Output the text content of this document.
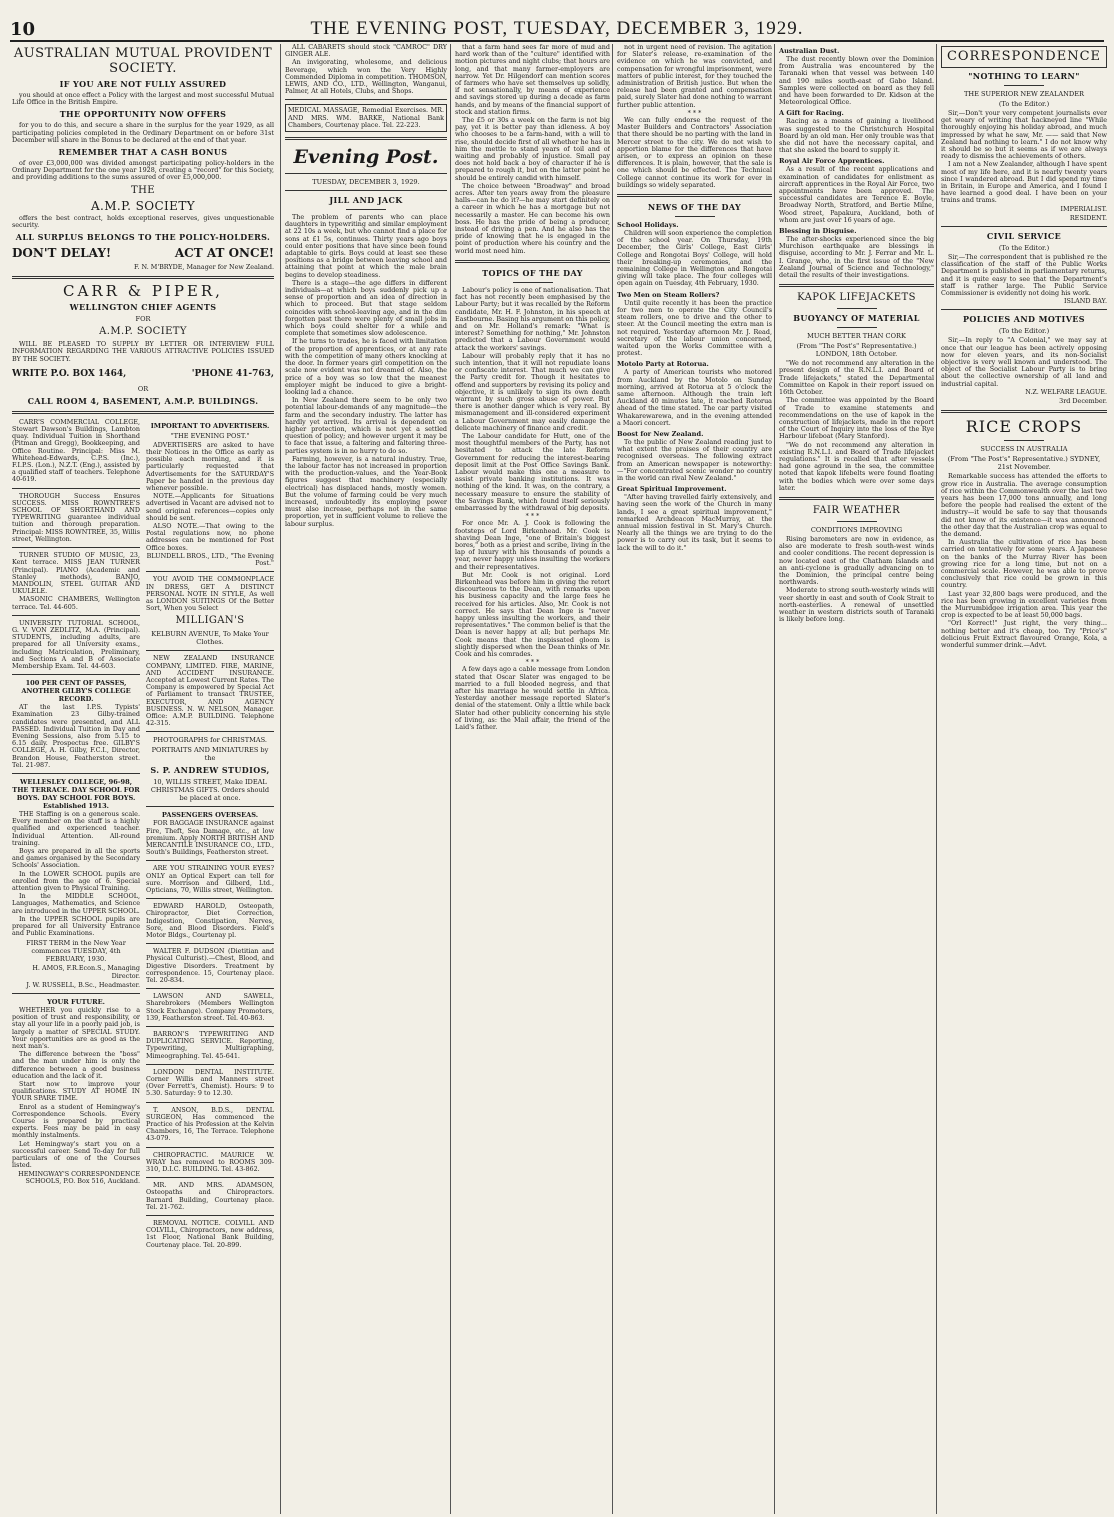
10	THE EVENING POST, TUESDAY, DECEMBER 3, 1929.
AUSTRALIAN MUTUAL PROVIDENT SOCIETY.
IF YOU ARE NOT FULLY ASSURED

you should at once effect a Policy with the largest and most successful Mutual Life Office in the British Empire.

THE OPPORTUNITY NOW OFFERS

for you to do this, and secure a share in the surplus for the year 1929, as all participating policies completed in the Ordinary Department on or before 31st December will share in the Bonus to be declared at the end of that year.

REMEMBER THAT A CASH BONUS

of over £3,000,000 was divided amongst participating policy-holders in the Ordinary Department for the one year 1928, creating a "record" for this Society, and providing additions to the sums assured of over £5,000,000.

THE
A.M.P. SOCIETY

offers the best contract, holds exceptional reserves, gives unquestionable security.

ALL SURPLUS BELONGS TO THE POLICY-HOLDERS.
DON'T DELAY!	ACT AT ONCE!
F. N. M'BRYDE, Manager for New Zealand.
CARR & PIPER,
WELLINGTON CHIEF AGENTS
FOR
A.M.P. SOCIETY

WILL BE PLEASED TO SUPPLY BY LETTER OR INTERVIEW FULL INFORMATION REGARDING THE VARIOUS ATTRACTIVE POLICIES ISSUED BY THE SOCIETY.

WRITE P.O. BOX 1464,	'PHONE 41-763,
OR
CALL ROOM 4, BASEMENT, A.M.P. BUILDINGS.

CARR'S COMMERCIAL COLLEGE, Stewart Dawson's Buildings, Lambton quay. Individual Tuition in Shorthand (Pitman and Gregg), Bookkeeping, and Office Routine. Principal: Miss M. Whitehead-Edwards, C.P.S. (Inc.), F.I.P.S. (Lon.), N.Z.T. (Eng.), assisted by a qualified staff of teachers. Telephone 40-619.

THOROUGH Success Ensures SUCCESS. MISS ROWNTREE'S SCHOOL OF SHORTHAND AND TYPEWRITING guarantee individual tuition and thorough preparation. Principal: MISS ROWNTREE, 35, Willis street, Wellington.

TURNER STUDIO OF MUSIC, 23, Kent terrace. MISS JEAN TURNER (Principal). PIANO (Academic and Stanley methods), BANJO, MANDOLIN, STEEL GUITAR AND UKULELE.

MASONIC CHAMBERS, Wellington terrace. Tel. 44-605.

UNIVERSITY TUTORIAL SCHOOL, G. V. VON ZEDLITZ, M.A. (Principal). STUDENTS, including adults, are prepared for all University exams., including Matriculation, Preliminary, and Sections A and B of Associate Membership Exam. Tel. 44-603.

100 PER CENT OF PASSES, ANOTHER GILBY'S COLLEGE RECORD.

AT the last I.P.S. Typists' Examination 23 Gilby-trained candidates were presented, and ALL PASSED. Individual Tuition in Day and Evening Sessions, also from 5.15 to 6.15 daily. Prospectus free. GILBY'S COLLEGE, A. H. Gilby, F.C.I., Director, Brandon House, Featherston street. Tel. 21-987.

WELLESLEY COLLEGE, 96-98, THE TERRACE. DAY SCHOOL FOR BOYS. DAY SCHOOL FOR BOYS. Established 1913.

THE Staffing is on a generous scale. Every member on the staff is a highly qualified and experienced teacher. Individual Attention. All-round training.

Boys are prepared in all the sports and games organised by the Secondary Schools' Association.

In the LOWER SCHOOL pupils are enrolled from the age of 6. Special attention given to Physical Training.

In the MIDDLE SCHOOL, Languages, Mathematics, and Science are introduced in the UPPER SCHOOL.

In the UPPER SCHOOL pupils are prepared for all University Entrance and Public Examinations.

FIRST TERM in the New Year commences TUESDAY, 4th FEBRUARY, 1930.
H. AMOS, F.R.Econ.S., Managing Director.
J. W. RUSSELL, B.Sc., Headmaster.
YOUR FUTURE.

WHETHER you quickly rise to a position of trust and responsibility, or stay all your life in a poorly paid job, is largely a matter of SPECIAL STUDY. Your opportunities are as good as the next man's.

The difference between the "boss" and the man under him is only the difference between a good business education and the lack of it.

Start now to improve your qualifications. STUDY AT HOME IN YOUR SPARE TIME.

Enrol as a student of Hemingway's Correspondence Schools. Every Course is prepared by practical experts. Fees may be paid in easy monthly instalments.

Let Hemingway's start you on a successful career. Send To-day for full particulars of one of the Courses listed.

HEMINGWAY'S CORRESPONDENCE SCHOOLS, P.O. Box 516, Auckland.
IMPORTANT TO ADVERTISERS.
"THE EVENING POST."

ADVERTISERS are asked to have their Notices in the Office as early as possible each morning, and it is particularly requested that Advertisements for the SATURDAY'S Paper be handed in the previous day whenever possible.

NOTE.—Applicants for Situations advertised in Vacant are advised not to send original references—copies only should be sent.

ALSO NOTE.—That owing to the Postal regulations now, no phone addresses can be mentioned for Post Office boxes.

BLUNDELL BROS., LTD., "The Evening Post."

YOU AVOID THE COMMONPLACE IN DRESS, GET A DISTINCT PERSONAL NOTE IN STYLE, As well as LONDON SUITINGS Of the Better Sort, When you Select

MILLIGAN'S
KELBURN AVENUE, To Make Your Clothes.

NEW ZEALAND INSURANCE COMPANY, LIMITED. FIRE, MARINE, AND ACCIDENT INSURANCE. Accepted at Lowest Current Rates. The Company is empowered by Special Act of Parliament to transact TRUSTEE, EXECUTOR, AND AGENCY BUSINESS. N. W. NELSON, Manager. Office: A.M.P. BUILDING. Telephone 42-315.

PHOTOGRAPHS for CHRISTMAS.
PORTRAITS AND MINIATURES by the
S. P. ANDREW STUDIOS,
10, WILLIS STREET, Make IDEAL CHRISTMAS GIFTS. Orders should be placed at once.
PASSENGERS OVERSEAS.

FOR BAGGAGE INSURANCE against Fire, Theft, Sea Damage, etc., at low premium. Apply NORTH BRITISH AND MERCANTILE INSURANCE CO., LTD., South's Buildings, Featherston street.

ARE YOU STRAINING YOUR EYES? ONLY an Optical Expert can tell for sure. Morrison and Gilberd, Ltd., Opticians, 70, Willis street, Wellington.

EDWARD HAROLD, Osteopath, Chiropractor, Diet Correction, Indigestion, Constipation, Nerves, Sore, and Blood Disorders. Field's Motor Bldgs., Courtenay pl.

WALTER F. DUDSON (Dietitian and Physical Culturist).—Chest, Blood, and Digestive Disorders. Treatment by correspondence. 15, Courtenay place. Tel. 20-834.

LAWSON AND SAWELL, Sharebrokers (Members Wellington Stock Exchange). Company Promoters, 139, Featherston street. Tel. 40-863.

BARRON'S TYPEWRITING AND DUPLICATING SERVICE. Reporting, Typewriting, Multigraphing, Mimeographing. Tel. 45-641.

LONDON DENTAL INSTITUTE. Corner Willis and Manners street (Over Ferrett's, Chemist). Hours: 9 to 5.30. Saturday: 9 to 12.30.

T. ANSON, B.D.S., DENTAL SURGEON, Has commenced the Practice of his Profession at the Kelvin Chambers, 16, The Terrace. Telephone 43-079.

CHIROPRACTIC. MAURICE W. WRAY has removed to ROOMS 309-310, D.I.C. BUILDING. Tel. 43-862.

MR. AND MRS. ADAMSON, Osteopaths and Chiropractors. Barnard Building, Courtenay place. Tel. 21-762.

REMOVAL NOTICE. COLVILL AND COLVILL, Chiropractors, new address, 1st Floor, National Bank Building, Courtenay place. Tel. 20-899.

ALL CABARETS should stock "CAMROC" DRY GINGER ALE.

An invigorating, wholesome, and delicious Beverage, which won the Very Highly Commended Diploma in competition. THOMSON, LEWIS, AND CO., LTD., Wellington, Wanganui, Palmer, At all Hotels, Clubs, and Shops.

MEDICAL MASSAGE, Remedial Exercises. MR. AND MRS. WM. BARKE, National Bank Chambers, Courtenay place. Tel. 22-223.
Evening Post.
TUESDAY, DECEMBER 3, 1929.
JILL AND JACK

The problem of parents who can place daughters in typewriting and similar employment at 22 10s a week, but who cannot find a place for sons at £1 5s, continues. Thirty years ago boys could enter positions that have since been found adaptable to girls. Boys could at least see these positions as a bridge between leaving school and attaining that point at which the male brain begins to develop steadiness.

There is a stage—the age differs in different individuals—at which boys suddenly pick up a sense of proportion and an idea of direction in which to proceed. But that stage seldom coincides with school-leaving age, and in the dim forgotten past there were plenty of small jobs in which boys could shelter for a while and complete that sometimes slow adolescence.

If he turns to trades, he is faced with limitation of the proportion of apprentices, or at any rate with the competition of many others knocking at the door. In former years girl competition on the scale now evident was not dreamed of. Also, the price of a boy was so low that the meanest employer might be induced to give a bright-looking lad a chance.

In New Zealand there seem to be only two potential labour-demands of any magnitude—the farm and the secondary industry. The latter has hardly yet arrived. Its arrival is dependent on higher protection, which is not yet a settled question of policy; and however urgent it may be to face that issue, a faltering and faltering three-parties system is in no hurry to do so.

Farming, however, is a natural industry. True, the labour factor has not increased in proportion with the production-values, and the Year-Book figures suggest that machinery (especially electrical) has displaced hands, mostly women. But the volume of farming could be very much increased, undoubtedly its employing power must also increase, perhaps not in the same proportion, yet in sufficient volume to relieve the labour surplus.

that a farm hand sees far more of mud and hard work than of the "culture" identified with motion pictures and night clubs; that hours are long, and that many farmer-employers are narrow. Yet Dr. Hilgendorf can mention scores of farmers who have set themselves up solidly, if not sensationally, by means of experience and savings stored up during a decade as farm hands, and by means of the financial support of stock and station firms.

The £5 or 30s a week on the farm is not big pay, yet it is better pay than idleness. A boy who chooses to be a farm-hand, with a will to rise, should decide first of all whether he has in him the mettle to stand years of toil and of waiting and probably of injustice. Small pay does not hold back a boy of character if he is prepared to rough it, but on the latter point he should be entirely candid with himself.

The choice between "Broadway" and broad acres. After ten years away from the pleasure halls—can he do it?—he may start definitely on a career in which he has a mortgage but not necessarily a master. He can become his own boss. He has the pride of being a producer, instead of driving a pen. And he also has the pride of knowing that he is engaged in the point of production where his country and the world most need him.

TOPICS OF THE DAY

Labour's policy is one of nationalisation. That fact has not recently been emphasised by the Labour Party; but it was recalled by the Reform candidate, Mr. H. F. Johnston, in his speech at Eastbourne. Basing his argument on this policy, and on Mr. Holland's remark: "What is interest? Something for nothing," Mr. Johnston predicted that a Labour Government would attack the workers' savings.

Labour will probably reply that it has no such intention, that it will not repudiate loans or confiscate interest. That much we can give the Party credit for. Though it hesitates to offend and supporters by revising its policy and objective, it is unlikely to sign its own death warrant by such gross abuse of power. But there is another danger which is very real. By mismanagement and ill-considered experiment a Labour Government may easily damage the delicate machinery of finance and credit.

The Labour candidate for Hutt, one of the most thoughtful members of the Party, has not hesitated to attack the late Reform Government for reducing the interest-bearing deposit limit at the Post Office Savings Bank. Labour would make this one a measure to assist private banking institutions. It was nothing of the kind. It was, on the contrary, a necessary measure to ensure the stability of the Savings Bank, which found itself seriously embarrassed by the withdrawal of big deposits.

* * *

For once Mr. A. J. Cook is following the footsteps of Lord Birkenhead. Mr. Cook is shaving Dean Inge, "one of Britain's biggest bores," both as a priest and scribe, living in the lap of luxury with his thousands of pounds a year, never happy unless insulting the workers and their representatives.

But Mr. Cook is not original. Lord Birkenhead was before him in giving the retort discourteous to the Dean, with remarks upon his business capacity and the large fees he received for his articles. Also, Mr. Cook is not correct. He says that Dean Inge is "never happy unless insulting the workers, and their representatives." The common belief is that the Dean is never happy at all; but perhaps Mr. Cook means that the inspissated gloom is slightly dispersed when the Dean thinks of Mr. Cook and his comrades.

* * *

A few days ago a cable message from London stated that Oscar Slater was engaged to be married to a full blooded negress, and that after his marriage he would settle in Africa. Yesterday another message reported Slater's denial of the statement. Only a little while back Slater had other publicity concerning his style of living, as: the Mail affair, the friend of the Laid's father.

not in urgent need of revision. The agitation for Slater's release, re-examination of the evidence on which he was convicted, and compensation for wrongful imprisonment, were matters of public interest, for they touched the administration of British justice. But when the release had been granted and compensation paid, surely Slater had done nothing to warrant further public attention.

* * *

We can fully endorse the request of the Master Builders and Contractors' Association that there should be no parting with the land in Mercer street to the city. We do not wish to apportion blame for the differences that have arisen, or to express an opinion on these differences. It is plain, however, that the sale is one which should be effected. The Technical College cannot continue its work for ever in buildings so widely separated.

NEWS OF THE DAY
School Holidays.

Children will soon experience the completion of the school year. On Thursday, 19th December, the Girls' College, East Girls' College and Rongotai Boys' College, will hold their breaking-up ceremonies, and the remaining College in Wellington and Rongotai giving will take place. The four colleges will open again on Tuesday, 4th February, 1930.

Two Men on Steam Rollers?

Until quite recently it has been the practice for two men to operate the City Council's steam rollers, one to drive and the other to steer. At the Council meeting the extra man is not required. Yesterday afternoon Mr. J. Read, secretary of the labour union concerned, waited upon the Works Committee with a protest.

Motolo Party at Rotorua.

A party of American tourists who motored from Auckland by the Motolo on Sunday morning, arrived at Rotorua at 5 o'clock the same afternoon. Although the train left Auckland 40 minutes late, it reached Rotorua ahead of the time stated. The car party visited Whakarewarewa, and in the evening attended a Maori concert.

Boost for New Zealand.

To the public of New Zealand reading just to what extent the praises of their country are recognised overseas. The following extract from an American newspaper is noteworthy:—"For concentrated scenic wonder no country in the world can rival New Zealand."

Great Spiritual Improvement.

"After having travelled fairly extensively, and having seen the work of the Church in many lands, I see a great spiritual improvement," remarked Archdeacon MacMurray, at the annual mission festival in St. Mary's Church. Nearly all the things we are trying to do the power is to carry out its task, but it seems to lack the will to do it."

Australian Dust.

The dust recently blown over the Dominion from Australia was encountered by the Taranaki when that vessel was between 140 and 190 miles south-east of Gabo Island. Samples were collected on board as they fell and have been forwarded to Dr. Kidson at the Meteorological Office.

A Gift for Racing.

Racing as a means of gaining a livelihood was suggested to the Christchurch Hospital Board by an old man. Her only trouble was that she did not have the necessary capital, and that she asked the board to supply it.

Royal Air Force Apprentices.

As a result of the recent applications and examination of candidates for enlistment as aircraft apprentices in the Royal Air Force, two appointments have been approved. The successful candidates are Terence E. Boyle, Broadway North, Stratford, and Bertie Milne, Wood street, Papakura, Auckland, both of whom are just over 16 years of age.

Blessing in Disguise.

The after-shocks experienced since the big Murchison earthquake are blessings in disguise, according to Mr. J. Ferrar and Mr. L. I. Grange, who, in the first issue of the "New Zealand Journal of Science and Technology," detail the results of their investigations.

KAPOK LIFEJACKETS
BUOYANCY OF MATERIAL
MUCH BETTER THAN CORK
(From "The Post's" Representative.) LONDON, 18th October.

"We do not recommend any alteration in the present design of the R.N.L.I. and Board of Trade lifejackets," stated the Departmental Committee on Kapok in their report issued on 16th October.

The committee was appointed by the Board of Trade to examine statements and recommendations on the use of kapok in the construction of lifejackets, made in the report of the Court of Inquiry into the loss of the Rye Harbour lifeboat (Mary Stanford).

"We do not recommend any alteration in existing R.N.L.I. and Board of Trade lifejacket regulations." It is recalled that after vessels had gone aground in the sea, the committee noted that kapok lifebelts were found floating with the bodies which were over some days later.

FAIR WEATHER
CONDITIONS IMPROVING

Rising barometers are now in evidence, as also are moderate to fresh south-west winds and cooler conditions. The recent depression is now located east of the Chatham Islands and an anti-cyclone is gradually advancing on to the Dominion, the principal centre being northwards.

Moderate to strong south-westerly winds will veer shortly in east and south of Cook Strait to north-easterlies. A renewal of unsettled weather in western districts south of Taranaki is likely before long.

CORRESPONDENCE
"NOTHING TO LEARN"
THE SUPERIOR NEW ZEALANDER
(To the Editor.)

Sir,—Don't your very competent journalists ever get weary of writing that hackneyed line "While thoroughly enjoying his holiday abroad, and much impressed by what he saw, Mr. —— said that New Zealand had nothing to learn." I do not know why it should be so but it seems as if we are always ready to dismiss the achievements of others.

I am not a New Zealander, although I have spent most of my life here, and it is nearly twenty years since I wandered abroad. But I did spend my time in Britain, in Europe and America, and I found I have learned a good deal. I have been on your trains and trams.

IMPERIALIST.
RESIDENT.
CIVIL SERVICE
(To the Editor.)

Sir,—The correspondent that is published re the classification of the staff of the Public Works Department is published in parliamentary returns, and it is quite easy to see that the Department's staff is rather large. The Public Service Commissioner is evidently not doing his work.

ISLAND BAY.
POLICIES AND MOTIVES
(To the Editor.)

Sir,—In reply to "A Colonial," we may say at once that our league has been actively opposing now for eleven years, and its non-Socialist objective is very well known and understood. The object of the Socialist Labour Party is to bring about the collective ownership of all land and industrial capital.

N.Z. WELFARE LEAGUE.
3rd December.
RICE CROPS
SUCCESS IN AUSTRALIA
(From "The Post's" Representative.) SYDNEY, 21st November.

Remarkable success has attended the efforts to grow rice in Australia. The average consumption of rice within the Commonwealth over the last two years has been 17,000 tons annually, and long before the people had realised the extent of the industry—it would be safe to say that thousands did not know of its existence—it was announced the other day that the Australian crop was equal to the demand.

In Australia the cultivation of rice has been carried on tentatively for some years. A Japanese on the banks of the Murray River has been growing rice for a long time, but not on a commercial scale. However, he was able to prove conclusively that rice could be grown in this country.

Last year 32,800 bags were produced, and the rice has been growing in excellent varieties from the Murrumbidgee irrigation area. This year the crop is expected to be at least 50,000 bags.

"Orl Korrect!" Just right, the very thing... nothing better and it's cheap, too. Try "Price's" delicious Fruit Extract flavoured Orange, Kola, a wonderful summer drink.—Advt.
